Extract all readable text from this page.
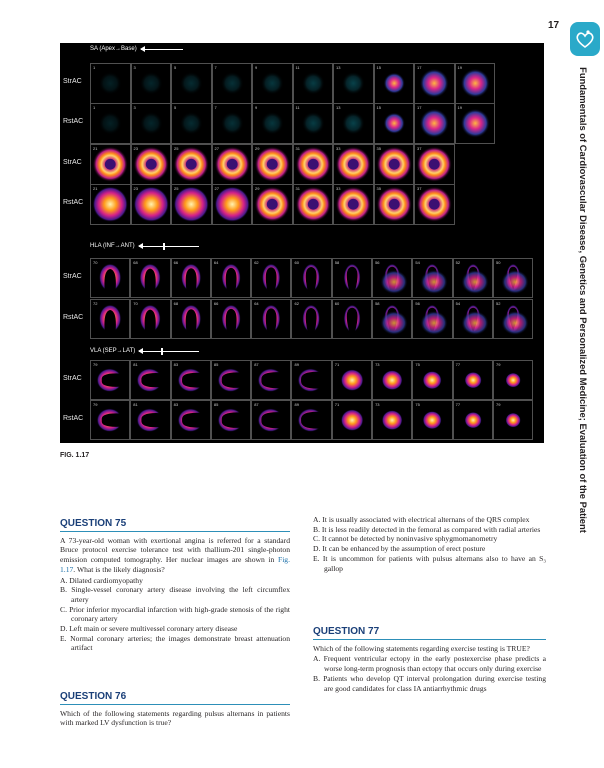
17
Fundamentals of Cardiovascular Disease, Genetics and Personalized Medicine; Evaluation of the Patient
SA (Apex→Base)
StrAC
1	3	5	7	9	11	13	15	17	19
RstAC
1	3	5	7	9	11	13	15	17	19
StrAC
21	23	25	27	29	31	33	35	37
RstAC
21	23	25	27	29	31	33	35	37
HLA (INF→ANT)
StrAC
70	68	66	64	62	60	58	56	54	52	50
RstAC
72	70	68	66	64	62	60	58	56	54	52
VLA (SEP→LAT)
StrAC
79	81	83	85	87	89	71	73	75	77	79
RstAC
79	81	83	85	87	89	71	73	75	77	79
FIG. 1.17
QUESTION 75
A 73-year-old woman with exertional angina is referred for a standard Bruce protocol exercise tolerance test with thallium-201 single-photon emission computed tomography. Her nuclear images are shown in Fig. 1.17. What is the likely diagnosis?
A. Dilated cardiomyopathy
B. Single-vessel coronary artery disease involving the left circumflex artery
C. Prior inferior myocardial infarction with high-grade stenosis of the right coronary artery
D. Left main or severe multivessel coronary artery disease
E. Normal coronary arteries; the images demonstrate breast attenuation artifact
QUESTION 76
Which of the following statements regarding pulsus alternans in patients with marked LV dysfunction is true?
A. It is usually associated with electrical alternans of the QRS complex
B. It is less readily detected in the femoral as compared with radial arteries
C. It cannot be detected by noninvasive sphygmomanometry
D. It can be enhanced by the assumption of erect posture
E. It is uncommon for patients with pulsus alternans also to have an S₃ gallop
QUESTION 77
Which of the following statements regarding exercise testing is TRUE?
A. Frequent ventricular ectopy in the early postexercise phase predicts a worse long-term prognosis than ectopy that occurs only during exercise
B. Patients who develop QT interval prolongation during exercise testing are good candidates for class IA antiarrhythmic drugs
